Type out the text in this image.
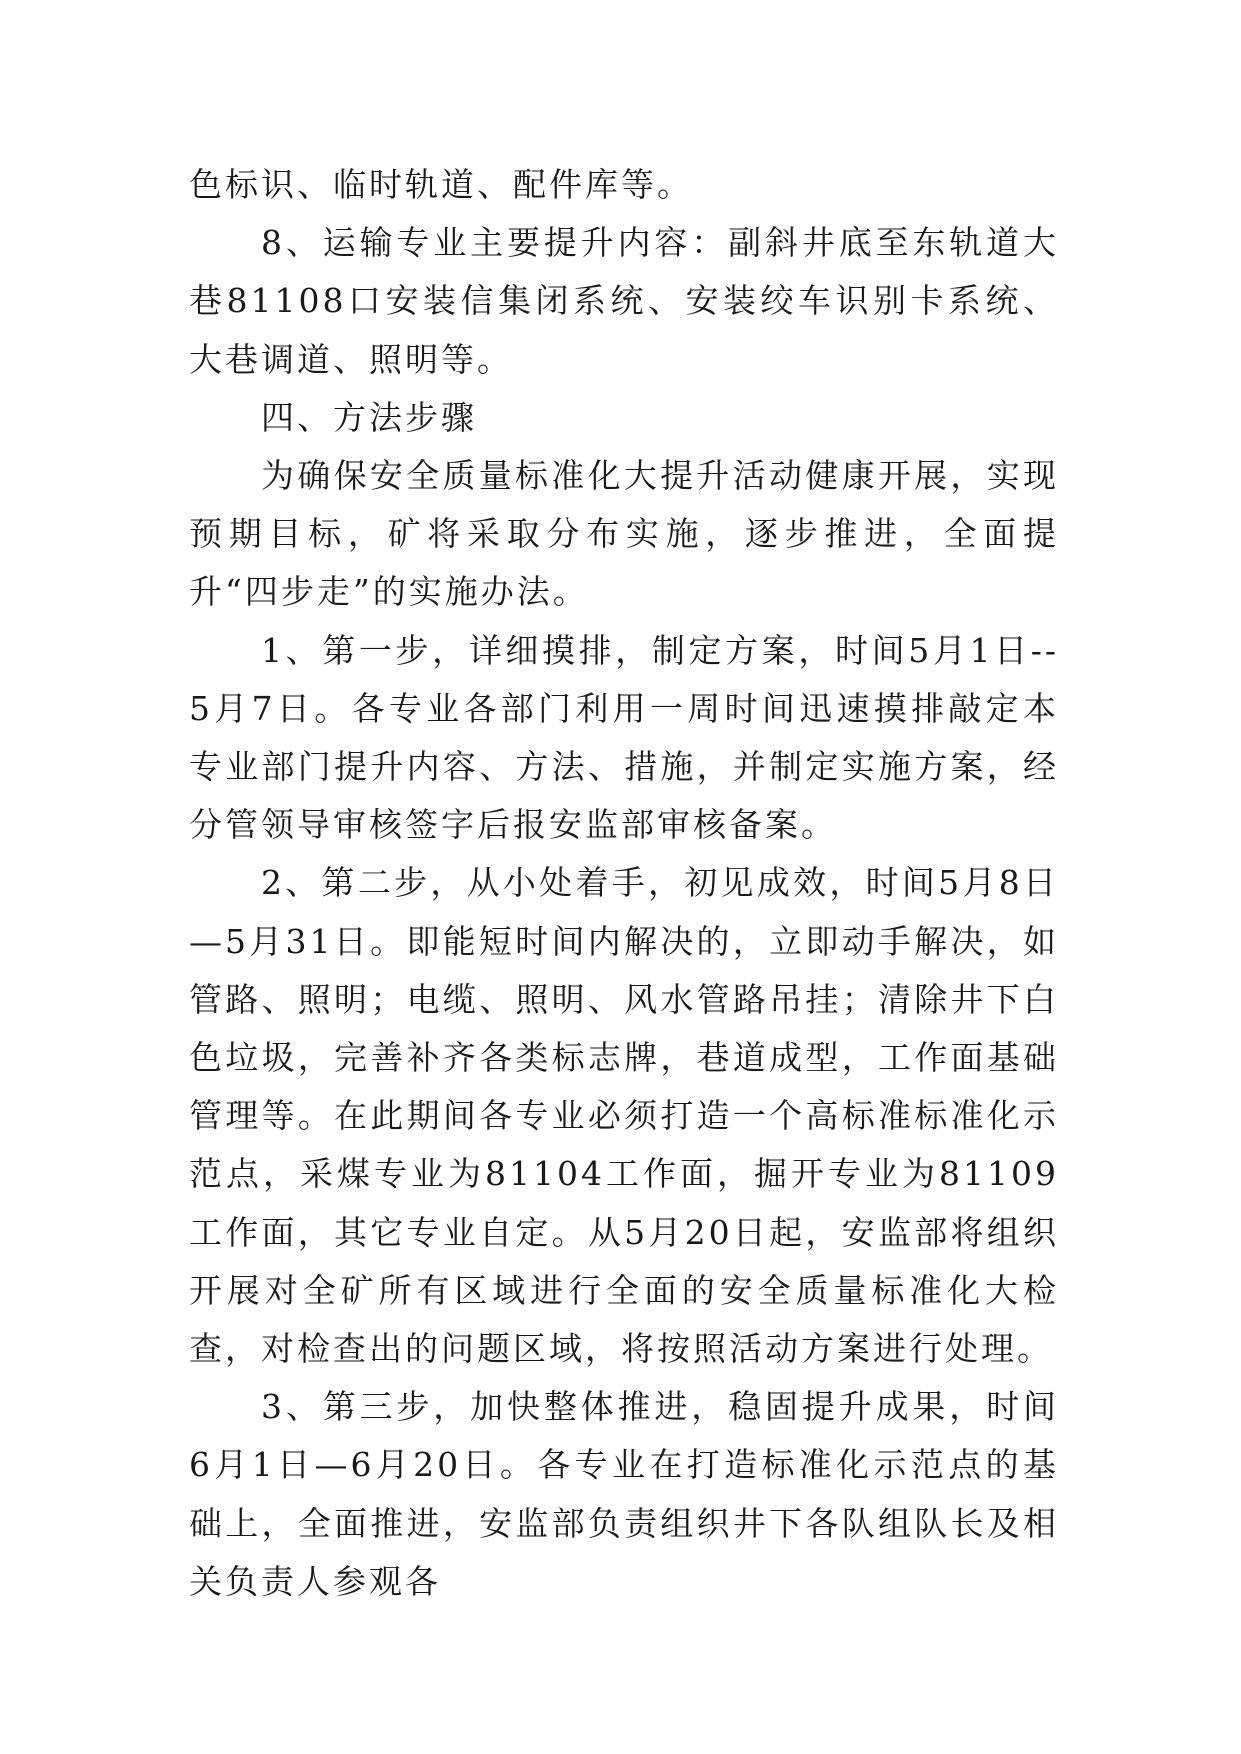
色标识、临时轨道、配件库等。

8、运输专业主要提升内容：副斜井底至东轨道大巷81108口安装信集闭系统、安装绞车识别卡系统、大巷调道、照明等。

四、方法步骤

为确保安全质量标准化大提升活动健康开展，实现预期目标，矿将采取分布实施，逐步推进，全面提升“四步走”的实施办法。

1、第一步，详细摸排，制定方案，时间5月1日--5月7日。各专业各部门利用一周时间迅速摸排敲定本专业部门提升内容、方法、措施，并制定实施方案，经分管领导审核签字后报安监部审核备案。

2、第二步，从小处着手，初见成效，时间5月8日—5月31日。即能短时间内解决的，立即动手解决，如管路、照明；电缆、照明、风水管路吊挂；清除井下白色垃圾，完善补齐各类标志牌，巷道成型，工作面基础管理等。在此期间各专业必须打造一个高标准标准化示范点，采煤专业为81104工作面，掘开专业为81109工作面，其它专业自定。从5月20日起，安监部将组织开展对全矿所有区域进行全面的安全质量标准化大检查，对检查出的问题区域，将按照活动方案进行处理。

3、第三步，加快整体推进，稳固提升成果，时间6月1日—6月20日。各专业在打造标准化示范点的基础上，全面推进，安监部负责组织井下各队组队长及相关负责人参观各
